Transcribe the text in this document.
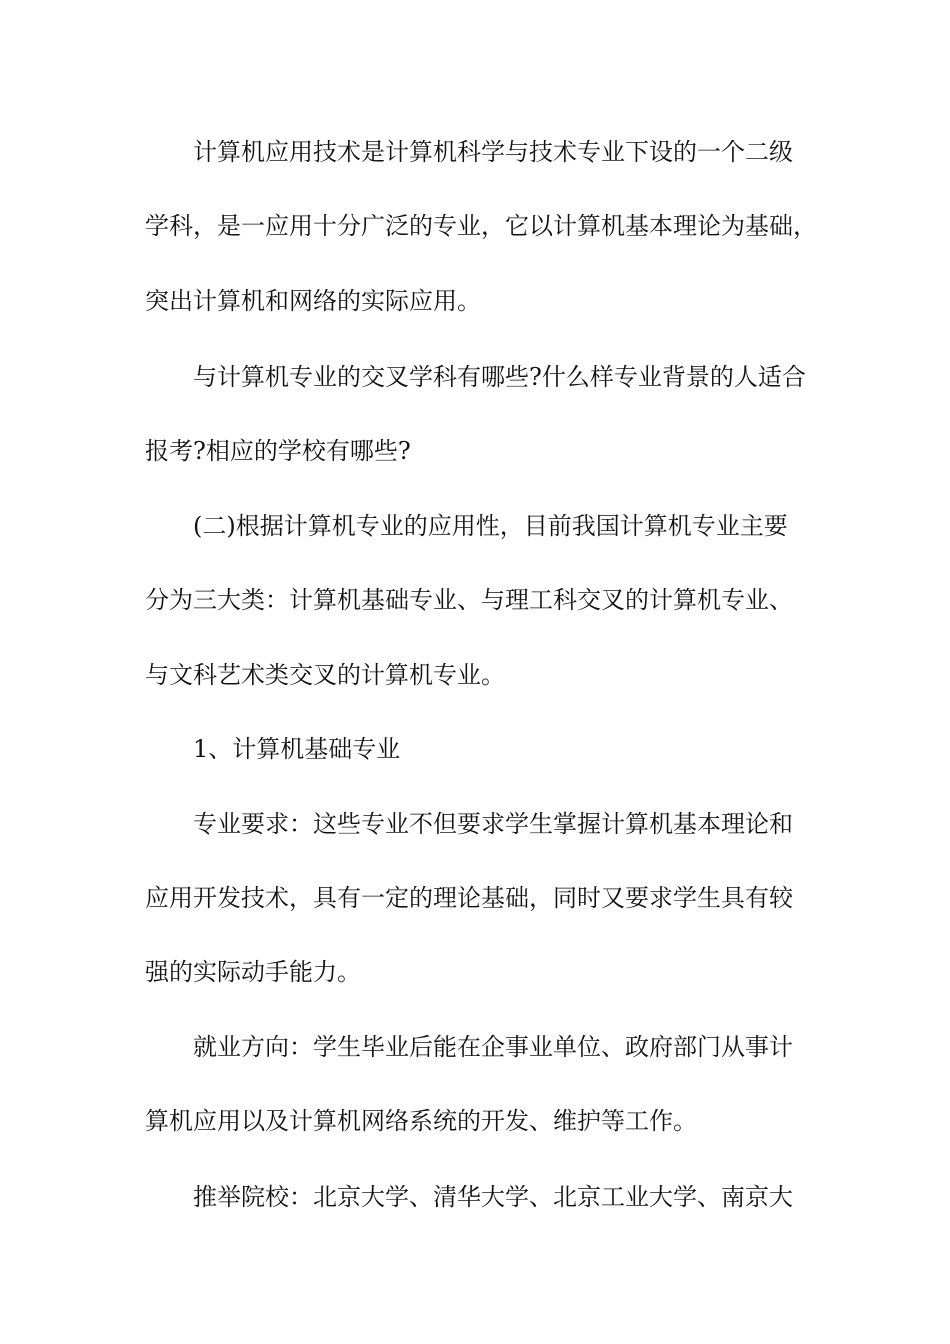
计算机应用技术是计算机科学与技术专业下设的一个二级
学科，是一应用十分广泛的专业，它以计算机基本理论为基础，
突出计算机和网络的实际应用。
与计算机专业的交叉学科有哪些?什么样专业背景的人适合
报考?相应的学校有哪些?
(二)根据计算机专业的应用性，目前我国计算机专业主要
分为三大类：计算机基础专业、与理工科交叉的计算机专业、
与文科艺术类交叉的计算机专业。
1、计算机基础专业
专业要求：这些专业不但要求学生掌握计算机基本理论和
应用开发技术，具有一定的理论基础，同时又要求学生具有较
强的实际动手能力。
就业方向：学生毕业后能在企事业单位、政府部门从事计
算机应用以及计算机网络系统的开发、维护等工作。
推举院校：北京大学、清华大学、北京工业大学、南京大
